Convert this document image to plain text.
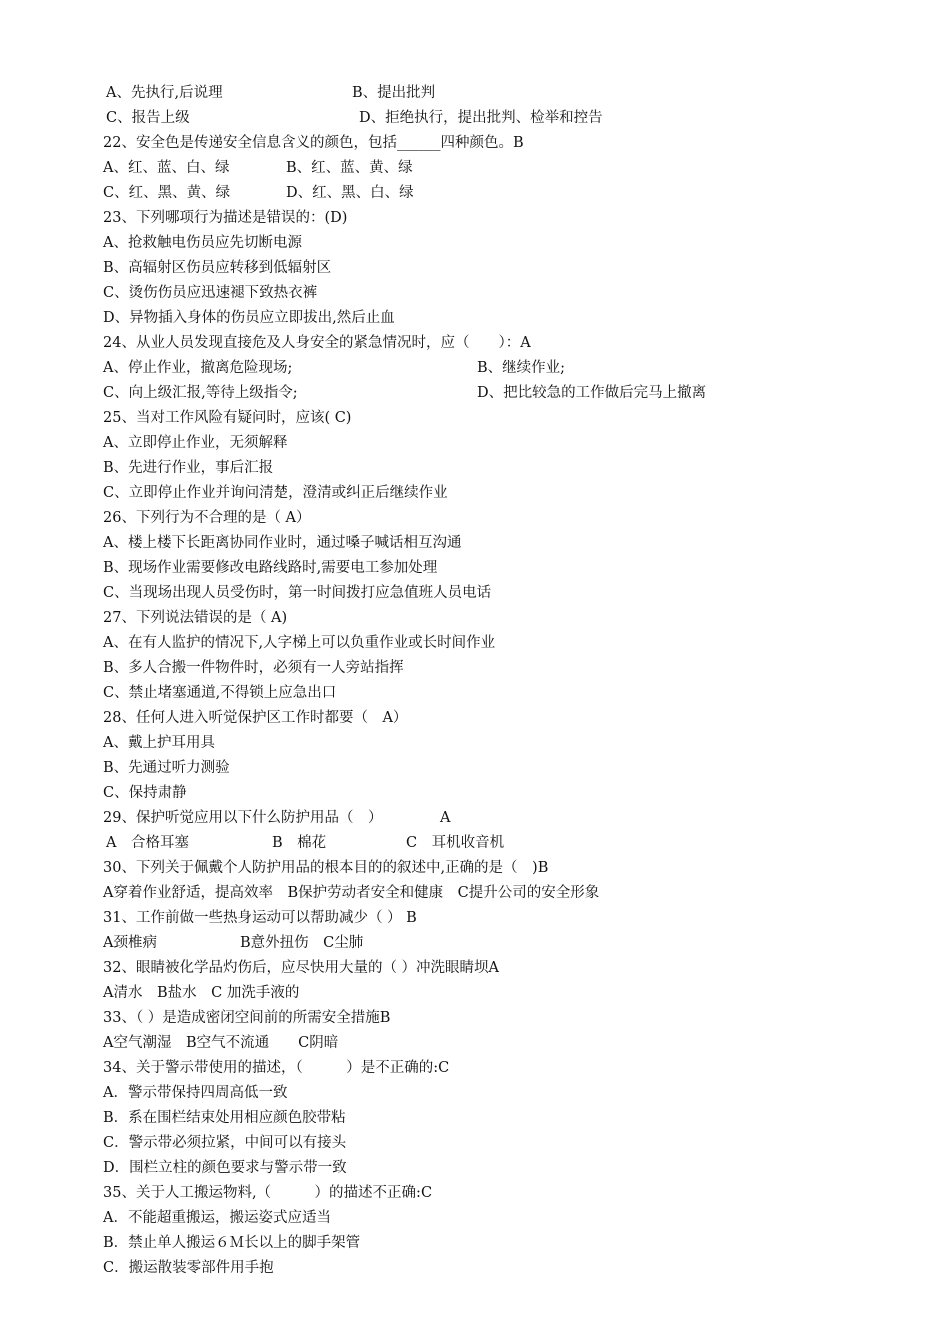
A、先执行,后说理	B、提出批判

C、报告上级	D、拒绝执行，提出批判、检举和控告

22、安全色是传递安全信息含义的颜色，包括______四种颜色。B

A、红、蓝、白、绿	B、红、蓝、黄、绿

C、红、黑、黄、绿	D、红、黑、白、绿

23、下列哪项行为描述是错误的：(D)

A、抢救触电伤员应先切断电源

B、高辐射区伤员应转移到低辐射区

C、烫伤伤员应迅速褪下致热衣裤

D、异物插入身体的伤员应立即拔出,然后止血

24、从业人员发现直接危及人身安全的紧急情况时，应（　　）：A

A、停止作业，撤离危险现场;	B、继续作业;

C、向上级汇报,等待上级指令;	D、把比较急的工作做后完马上撤离

25、当对工作风险有疑问时，应该( C)

A、立即停止作业，无须解释

B、先进行作业，事后汇报

C、立即停止作业并询问清楚，澄清或纠正后继续作业

26、下列行为不合理的是（ A）

A、楼上楼下长距离协同作业时，通过嗓子喊话相互沟通

B、现场作业需要修改电路线路时,需要电工参加处理

C、当现场出现人员受伤时，第一时间拨打应急值班人员电话

27、下列说法错误的是（ A)

A、在有人监护的情况下,人字梯上可以负重作业或长时间作业

B、多人合搬一件物件时，必须有一人旁站指挥

C、禁止堵塞通道,不得锁上应急出口

28、任何人进入听觉保护区工作时都要（　A）

A、戴上护耳用具

B、先通过听力测验

C、保持肃静

29、保护听觉应用以下什么防护用品（　）	A

A　合格耳塞	B　棉花	C　耳机收音机

30、下列关于佩戴个人防护用品的根本目的的叙述中,正确的是（　)B

A穿着作业舒适，提高效率　B保护劳动者安全和健康　C提升公司的安全形象

31、工作前做一些热身运动可以帮助减少（ ） B

A颈椎病	B意外扭伤　C尘肺

32、眼睛被化学品灼伤后，应尽快用大量的（ ）冲洗眼睛坝A

A清水　B盐水　C 加洗手液的

33、（ ）是造成密闭空间前的所需安全措施B

A空气潮湿　B空气不流通　　C阴暗

34、关于警示带使用的描述，（　　　）是不正确的:C

A．警示带保持四周高低一致

B．系在围栏结束处用相应颜色胶带粘

C．警示带必须拉紧，中间可以有接头

D．围栏立柱的颜色要求与警示带一致

35、关于人工搬运物料,（　　　）的描述不正确:C

A．不能超重搬运，搬运姿式应适当

B．禁止单人搬运６Ｍ长以上的脚手架管

C．搬运散装零部件用手抱
